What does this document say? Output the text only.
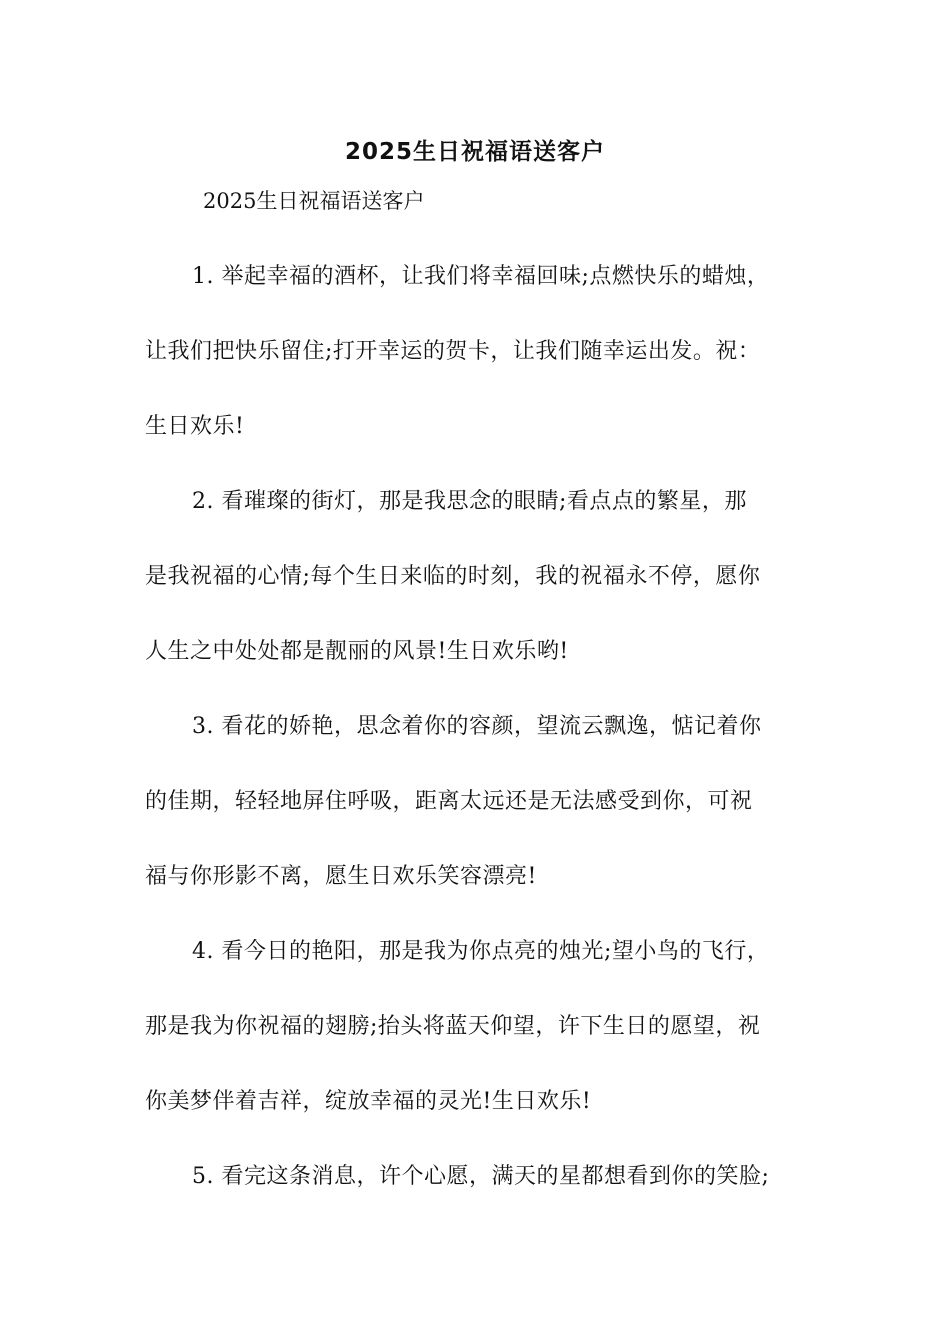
2025生日祝福语送客户
2025生日祝福语送客户
1. 举起幸福的酒杯，让我们将幸福回味;点燃快乐的蜡烛，
让我们把快乐留住;打开幸运的贺卡，让我们随幸运出发。祝：
生日欢乐!
2. 看璀璨的街灯，那是我思念的眼睛;看点点的繁星，那
是我祝福的心情;每个生日来临的时刻，我的祝福永不停，愿你
人生之中处处都是靓丽的风景!生日欢乐哟!
3. 看花的娇艳，思念着你的容颜，望流云飘逸，惦记着你
的佳期，轻轻地屏住呼吸，距离太远还是无法感受到你，可祝
福与你形影不离，愿生日欢乐笑容漂亮!
4. 看今日的艳阳，那是我为你点亮的烛光;望小鸟的飞行，
那是我为你祝福的翅膀;抬头将蓝天仰望，许下生日的愿望，祝
你美梦伴着吉祥，绽放幸福的灵光!生日欢乐!
5. 看完这条消息，许个心愿，满天的星都想看到你的笑脸;
